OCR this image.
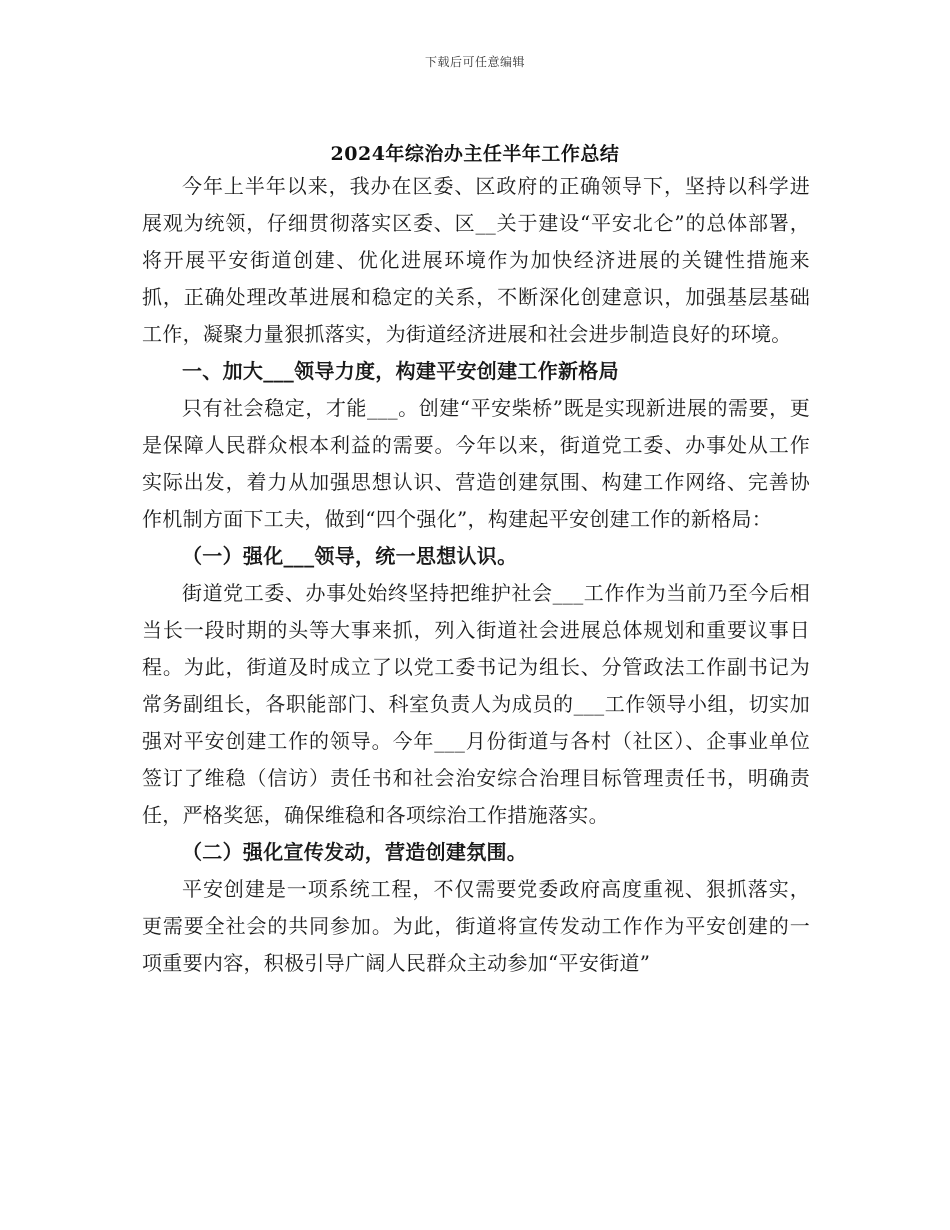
下载后可任意编辑
2024年综治办主任半年工作总结

今年上半年以来，我办在区委、区政府的正确领导下，坚持以科学进展观为统领，仔细贯彻落实区委、区__关于建设“平安北仑”的总体部署，将开展平安街道创建、优化进展环境作为加快经济进展的关键性措施来抓，正确处理改革进展和稳定的关系，不断深化创建意识，加强基层基础工作，凝聚力量狠抓落实，为街道经济进展和社会进步制造良好的环境。

一、加大___领导力度，构建平安创建工作新格局

只有社会稳定，才能___。创建“平安柴桥”既是实现新进展的需要，更是保障人民群众根本利益的需要。今年以来，街道党工委、办事处从工作实际出发，着力从加强思想认识、营造创建氛围、构建工作网络、完善协作机制方面下工夫，做到“四个强化”，构建起平安创建工作的新格局：

（一）强化___领导，统一思想认识。

街道党工委、办事处始终坚持把维护社会___工作作为当前乃至今后相当长一段时期的头等大事来抓，列入街道社会进展总体规划和重要议事日程。为此，街道及时成立了以党工委书记为组长、分管政法工作副书记为常务副组长，各职能部门、科室负责人为成员的___工作领导小组，切实加强对平安创建工作的领导。今年___月份街道与各村（社区）、企事业单位签订了维稳（信访）责任书和社会治安综合治理目标管理责任书，明确责任，严格奖惩，确保维稳和各项综治工作措施落实。

（二）强化宣传发动，营造创建氛围。

平安创建是一项系统工程，不仅需要党委政府高度重视、狠抓落实，更需要全社会的共同参加。为此，街道将宣传发动工作作为平安创建的一项重要内容，积极引导广阔人民群众主动参加“平安街道”
